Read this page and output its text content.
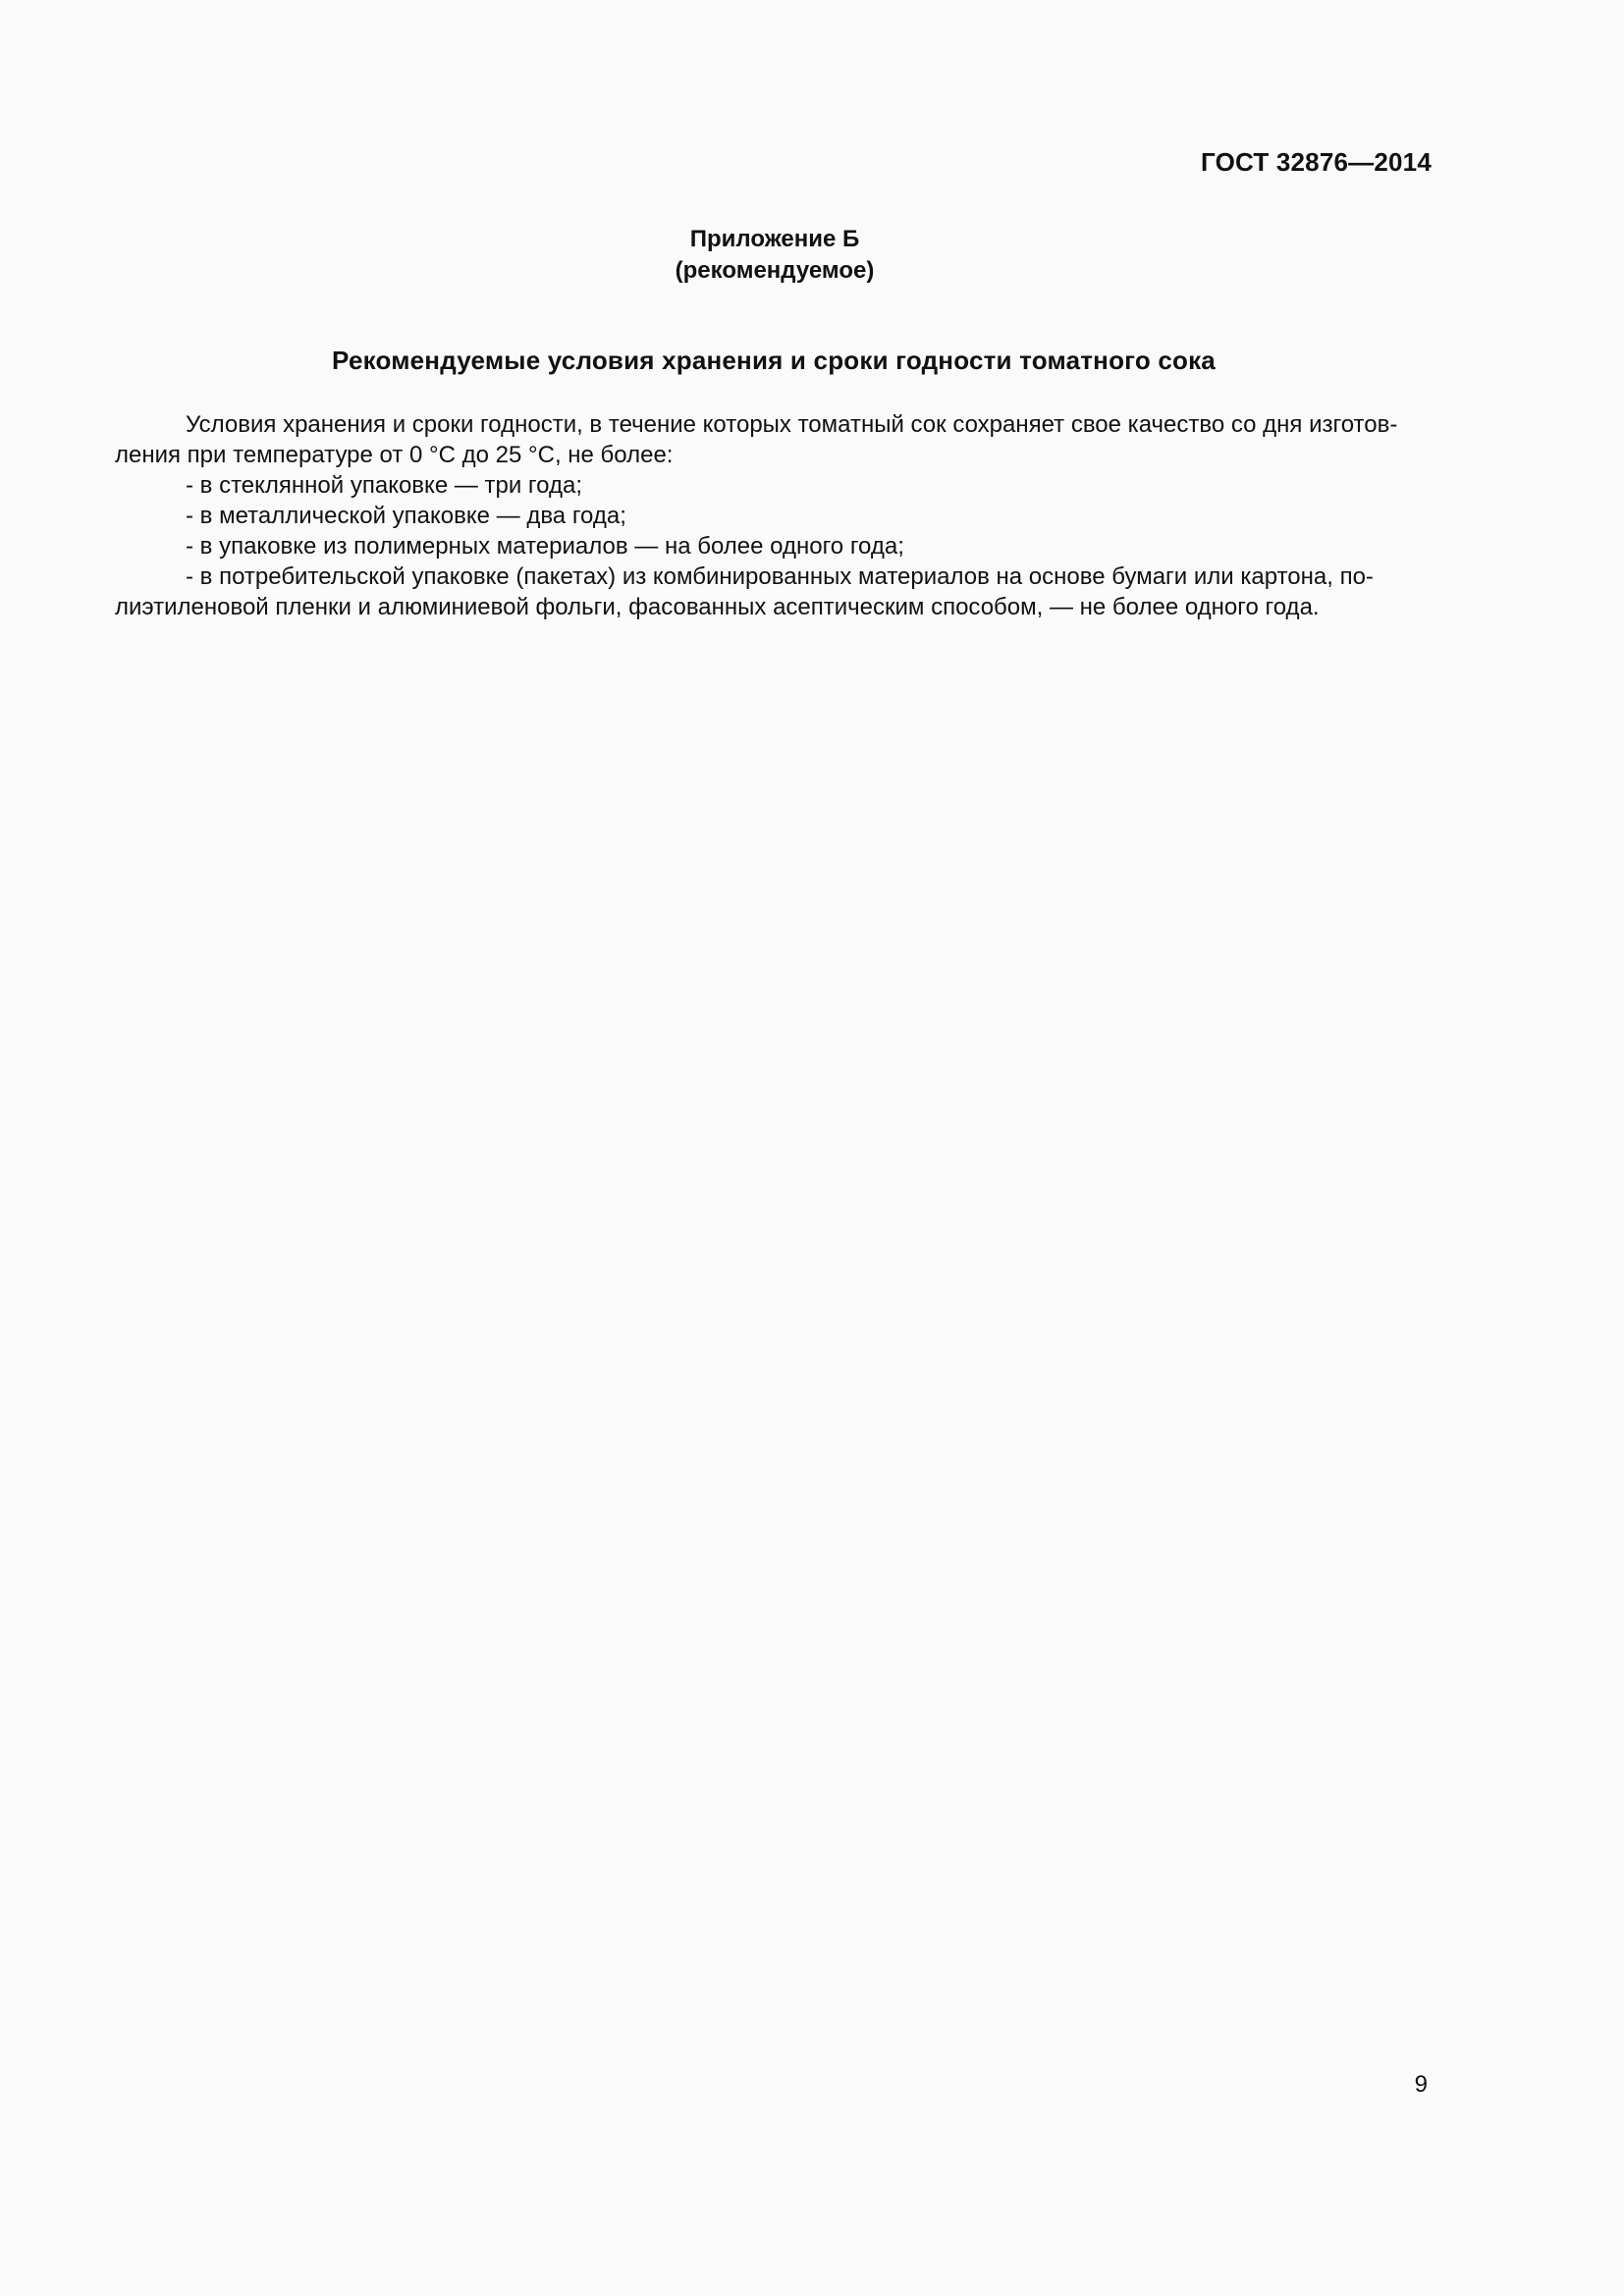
ГОСТ 32876—2014
Приложение Б
(рекомендуемое)
Рекомендуемые условия хранения и сроки годности томатного сока
Условия хранения и сроки годности, в течение которых томатный сок сохраняет свое качество со дня изготов-
ления при температуре от 0 °С до 25 °С, не более:
- в стеклянной упаковке — три года;
- в металлической упаковке — два года;
- в упаковке из полимерных материалов — на более одного года;
- в потребительской упаковке (пакетах) из комбинированных материалов на основе бумаги или картона, по-
лиэтиленовой пленки и алюминиевой фольги, фасованных асептическим способом, — не более одного года.
9
